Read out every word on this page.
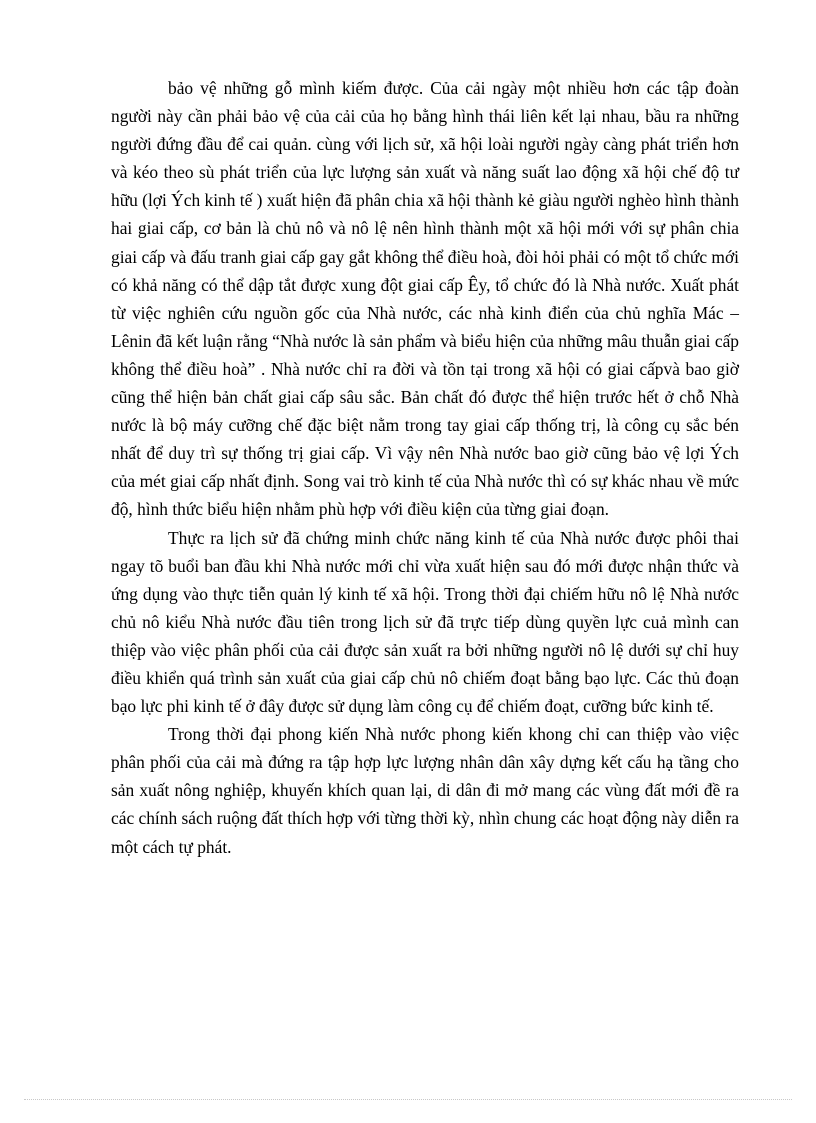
bảo vệ những gỗ mình kiếm được. Của cải ngày một nhiều hơn các tập đoàn người này cần phải bảo vệ của cải của họ bằng hình thái liên kết lại nhau, bầu ra những người đứng đầu để cai quản. cùng với lịch sử, xã hội loài người ngày càng phát triển hơn và kéo theo sù phát triển của lực lượng sản xuất và năng suất lao động xã hội chế độ tư hữu (lợi Ých kinh tế ) xuất hiện đã phân chia xã hội thành kẻ giàu người nghèo hình thành hai giai cấp, cơ bản là chủ nô và nô lệ nên hình thành một xã hội mới với sự phân chia giai cấp và đấu tranh giai cấp gay gắt không thể điều hoà, đòi hỏi phải có một tổ chức mới có khả năng có thể dập tắt được xung đột giai cấp Êy, tổ chức đó là Nhà nước. Xuất phát từ việc nghiên cứu nguồn gốc của Nhà nước, các nhà kinh điển của chủ nghĩa Mác – Lênin đã kết luận rằng “Nhà nước là sản phẩm và biểu hiện của những mâu thuẫn giai cấp không thể điều hoà” . Nhà nước chỉ ra đời và tồn tại trong xã hội có giai cấpvà bao giờ cũng thể hiện bản chất giai cấp sâu sắc. Bản chất đó được thể hiện trước hết ở chỗ Nhà nước là bộ máy cưỡng chế đặc biệt nằm trong tay giai cấp thống trị, là công cụ sắc bén nhất để duy trì sự thống trị giai cấp. Vì vậy nên Nhà nước bao giờ cũng bảo vệ lợi Ých của mét giai cấp nhất định. Song vai trò kinh tế của Nhà nước thì có sự khác nhau về mức độ, hình thức biểu hiện nhằm phù hợp với điều kiện của từng giai đoạn.

Thực ra lịch sử đã chứng minh chức năng kinh tế của Nhà nước được phôi thai ngay tõ buổi ban đầu khi Nhà nước mới chỉ vừa xuất hiện sau đó mới được nhận thức và ứng dụng vào thực tiễn quản lý kinh tế xã hội. Trong thời đại chiếm hữu nô lệ Nhà nước chủ nô kiểu Nhà nước đầu tiên trong lịch sử đã trực tiếp dùng quyền lực cuả mình can thiệp vào việc phân phối của cải được sản xuất ra bởi những người nô lệ dưới sự chỉ huy điều khiển quá trình sản xuất của giai cấp chủ nô chiếm đoạt bằng bạo lực. Các thủ đoạn bạo lực phi kinh tế ở đây được sử dụng làm công cụ để chiếm đoạt, cưỡng bức kinh tế.

Trong thời đại phong kiến Nhà nước phong kiến khong chỉ can thiệp vào việc phân phối của cải mà đứng ra tập hợp lực lượng nhân dân xây dựng kết cấu hạ tầng cho sản xuất nông nghiệp, khuyến khích quan lại, di dân đi mở mang các vùng đất mới đề ra các chính sách ruộng đất thích hợp với từng thời kỳ, nhìn chung các hoạt động này diễn ra một cách tự phát.
